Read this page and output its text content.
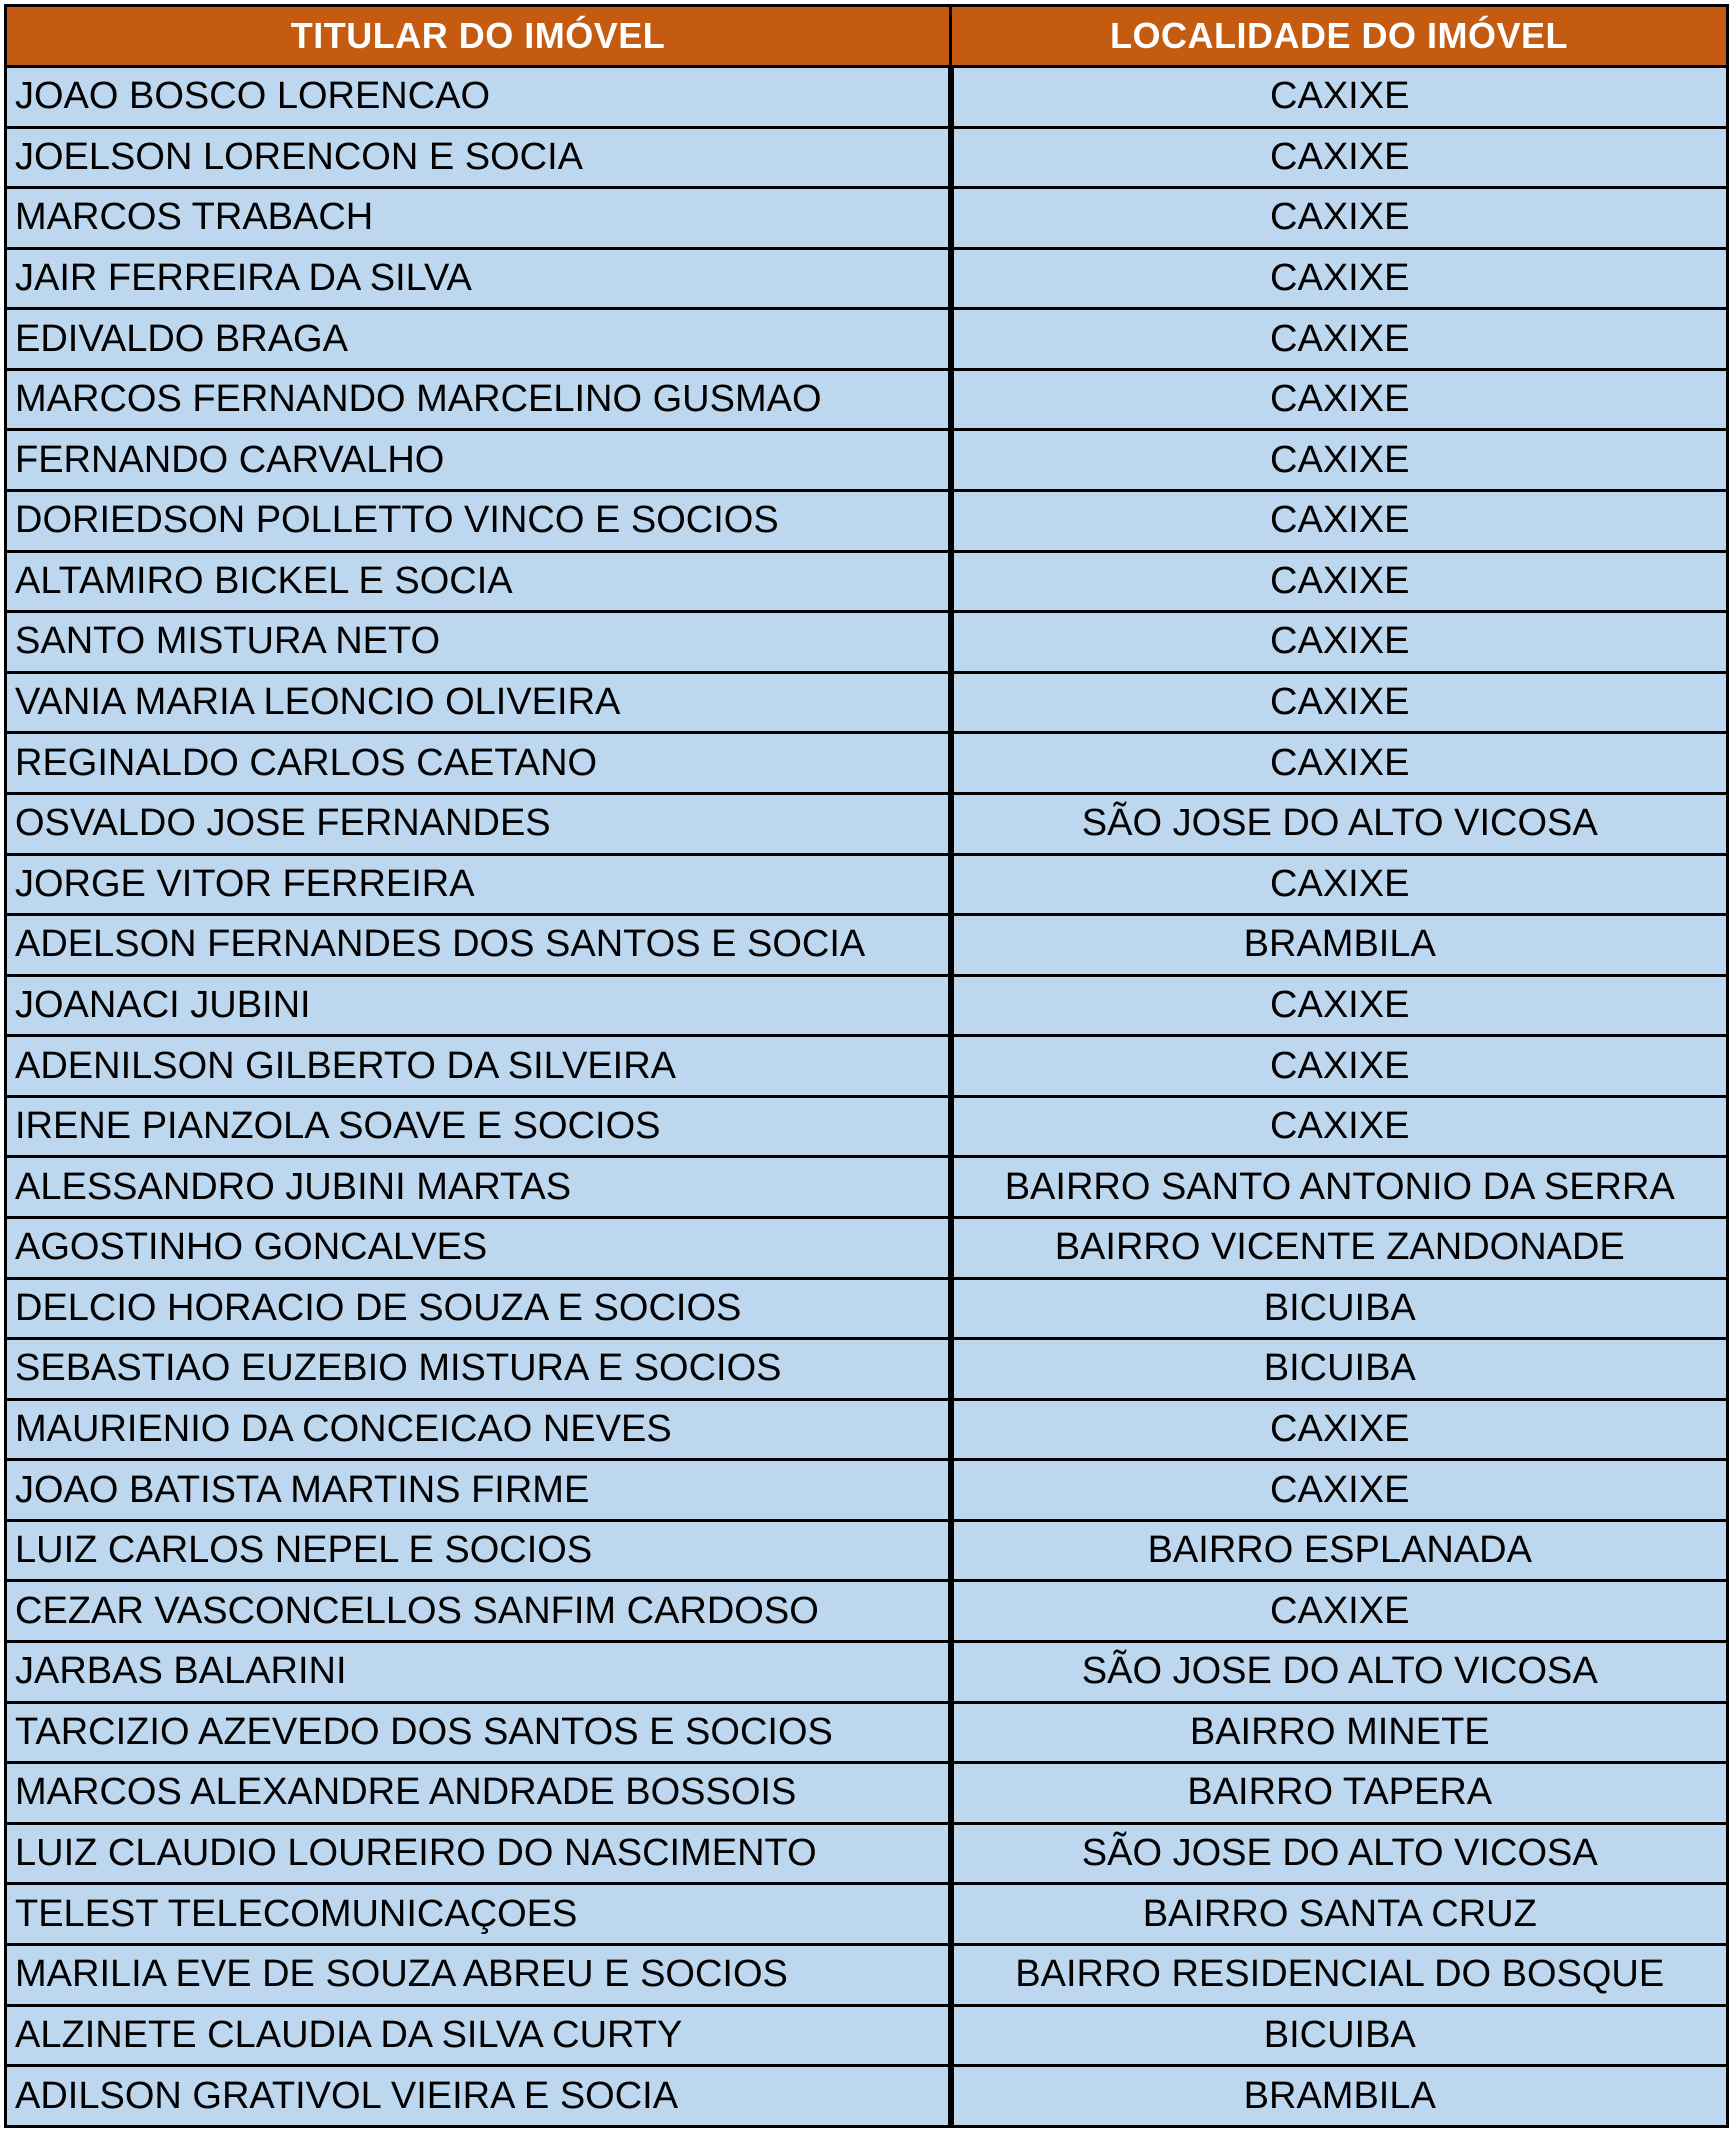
TITULAR DO IMÓVEL	LOCALIDADE DO IMÓVEL
JOAO BOSCO LORENCAO	CAXIXE
JOELSON LORENCON E SOCIA	CAXIXE
MARCOS TRABACH	CAXIXE
JAIR FERREIRA DA SILVA	CAXIXE
EDIVALDO BRAGA	CAXIXE
MARCOS FERNANDO MARCELINO GUSMAO	CAXIXE
FERNANDO CARVALHO	CAXIXE
DORIEDSON POLLETTO VINCO E SOCIOS	CAXIXE
ALTAMIRO BICKEL E SOCIA	CAXIXE
SANTO MISTURA NETO	CAXIXE
VANIA MARIA LEONCIO OLIVEIRA	CAXIXE
REGINALDO CARLOS CAETANO	CAXIXE
OSVALDO JOSE FERNANDES	SÃO JOSE DO ALTO VICOSA
JORGE VITOR FERREIRA	CAXIXE
ADELSON FERNANDES DOS SANTOS E SOCIA	BRAMBILA
JOANACI JUBINI	CAXIXE
ADENILSON GILBERTO DA SILVEIRA	CAXIXE
IRENE PIANZOLA SOAVE E SOCIOS	CAXIXE
ALESSANDRO JUBINI MARTAS	BAIRRO SANTO ANTONIO DA SERRA
AGOSTINHO GONCALVES	BAIRRO VICENTE ZANDONADE
DELCIO HORACIO DE SOUZA E SOCIOS	BICUIBA
SEBASTIAO EUZEBIO MISTURA E SOCIOS	BICUIBA
MAURIENIO DA CONCEICAO NEVES	CAXIXE
JOAO BATISTA MARTINS FIRME	CAXIXE
LUIZ CARLOS NEPEL E SOCIOS	BAIRRO ESPLANADA
CEZAR VASCONCELLOS SANFIM CARDOSO	CAXIXE
JARBAS BALARINI	SÃO JOSE DO ALTO VICOSA
TARCIZIO AZEVEDO DOS SANTOS E SOCIOS	BAIRRO MINETE
MARCOS ALEXANDRE ANDRADE BOSSOIS	BAIRRO TAPERA
LUIZ CLAUDIO LOUREIRO DO NASCIMENTO	SÃO JOSE DO ALTO VICOSA
TELEST TELECOMUNICAÇOES	BAIRRO SANTA CRUZ
MARILIA EVE DE SOUZA ABREU E SOCIOS	BAIRRO RESIDENCIAL DO BOSQUE
ALZINETE CLAUDIA DA SILVA CURTY	BICUIBA
ADILSON GRATIVOL VIEIRA E SOCIA	BRAMBILA
